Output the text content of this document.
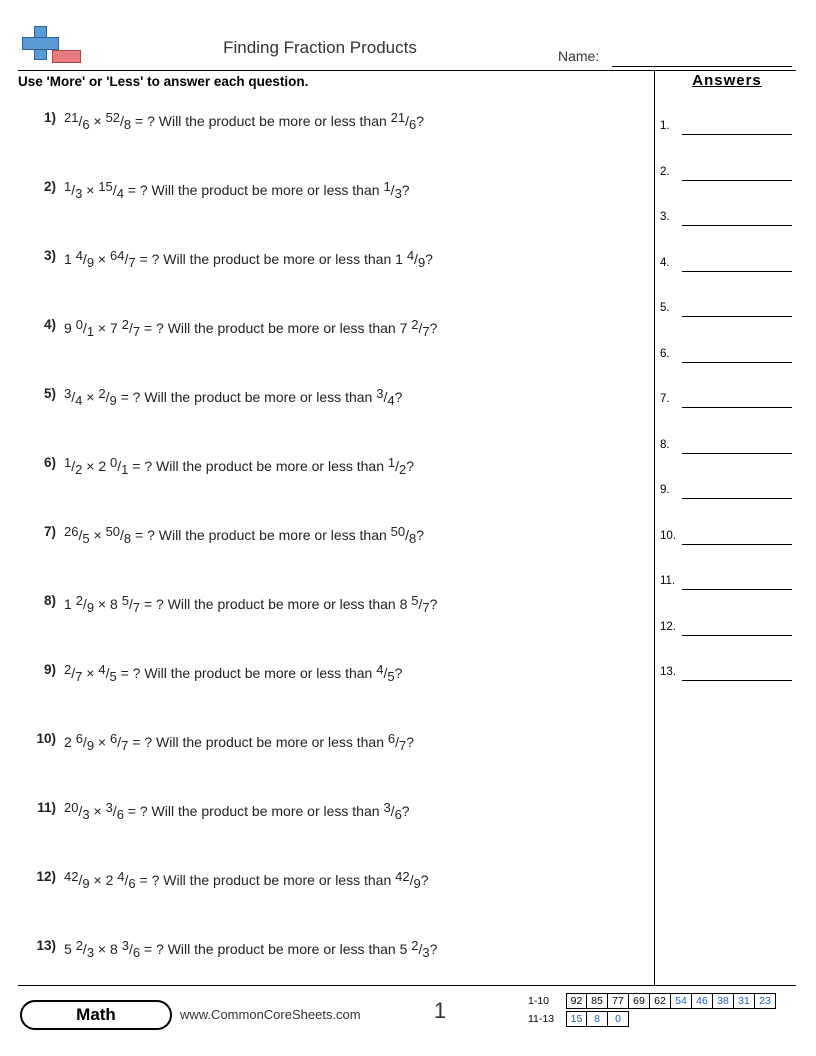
Finding Fraction Products	Name:
Use 'More' or 'Less' to answer each question.
1) 21/6 × 52/8 = ? Will the product be more or less than 21/6?
2) 1/3 × 15/4 = ? Will the product be more or less than 1/3?
3) 1 4/9 × 64/7 = ? Will the product be more or less than 1 4/9?
4) 9 0/1 × 7 2/7 = ? Will the product be more or less than 7 2/7?
5) 3/4 × 2/9 = ? Will the product be more or less than 3/4?
6) 1/2 × 2 0/1 = ? Will the product be more or less than 1/2?
7) 26/5 × 50/8 = ? Will the product be more or less than 50/8?
8) 1 2/9 × 8 5/7 = ? Will the product be more or less than 8 5/7?
9) 2/7 × 4/5 = ? Will the product be more or less than 4/5?
10) 2 6/9 × 6/7 = ? Will the product be more or less than 6/7?
11) 20/3 × 3/6 = ? Will the product be more or less than 3/6?
12) 42/9 × 2 4/6 = ? Will the product be more or less than 42/9?
13) 5 2/3 × 8 3/6 = ? Will the product be more or less than 5 2/3?
Answers
1.
2.
3.
4.
5.
6.
7.
8.
9.
10.
11.
12.
13.
Math	www.CommonCoreSheets.com	1	1-10	92 85 77 69 62 54 46 38 31 23
11-13	15	8	0
